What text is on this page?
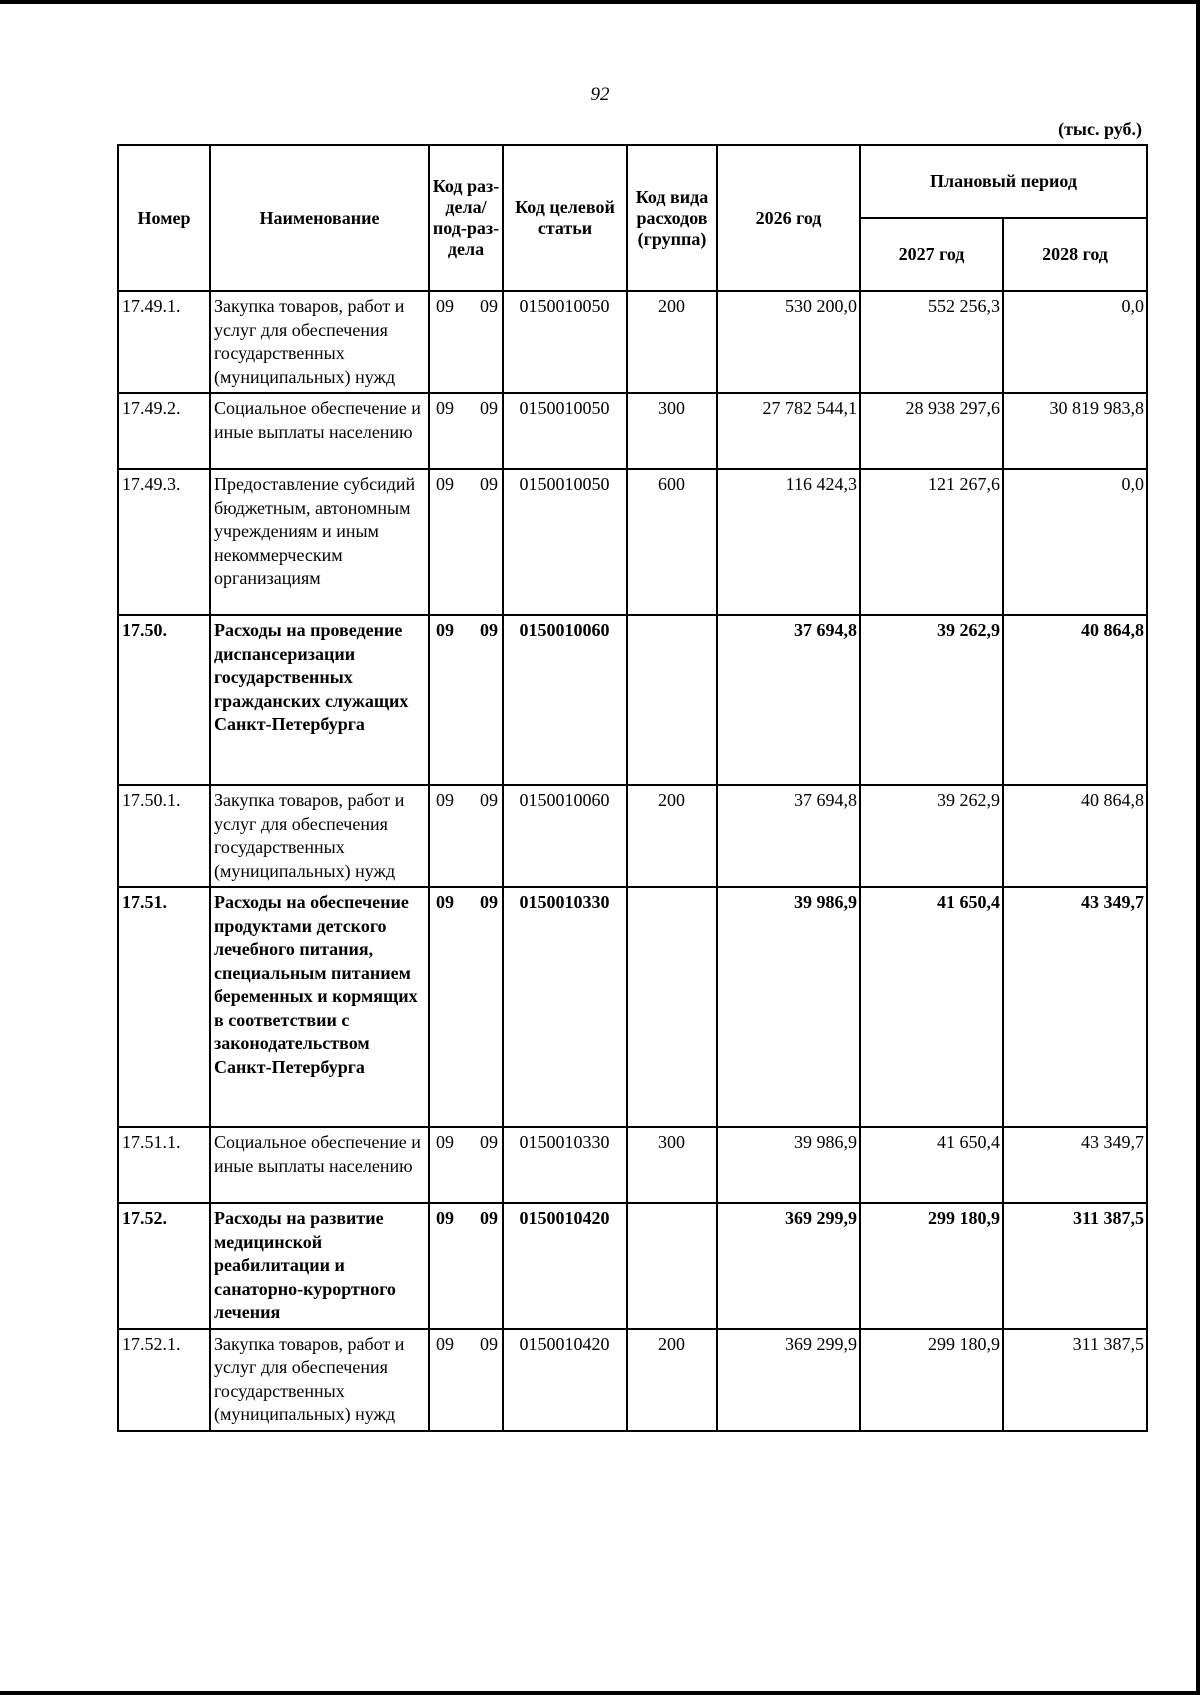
92
(тыс. руб.)
Номер	Наименование	Код раз-дела/ под-раз-дела	Код целевой статьи	Код вида расходов (группа)	2026 год	Плановый период	
						2027 год	2028 год
17.49.1.	Закупка товаров, работ и услуг для обеспечения государственных (муниципальных) нужд	09 09	0150010050	200	530 200,0	552 256,3	0,0
17.49.2.	Социальное обеспечение и иные выплаты населению	09 09	0150010050	300	27 782 544,1	28 938 297,6	30 819 983,8
17.49.3.	Предоставление субсидий бюджетным, автономным учреждениям и иным некоммерческим организациям	09 09	0150010050	600	116 424,3	121 267,6	0,0
17.50.	Расходы на проведение диспансеризации государственных гражданских служащих Санкт-Петербурга	09 09	0150010060		37 694,8	39 262,9	40 864,8
17.50.1.	Закупка товаров, работ и услуг для обеспечения государственных (муниципальных) нужд	09 09	0150010060	200	37 694,8	39 262,9	40 864,8
17.51.	Расходы на обеспечение продуктами детского лечебного питания, специальным питанием беременных и кормящих в соответствии с законодательством Санкт-Петербурга	09 09	0150010330		39 986,9	41 650,4	43 349,7
17.51.1.	Социальное обеспечение и иные выплаты населению	09 09	0150010330	300	39 986,9	41 650,4	43 349,7
17.52.	Расходы на развитие медицинской реабилитации и санаторно-курортного лечения	09 09	0150010420		369 299,9	299 180,9	311 387,5
17.52.1.	Закупка товаров, работ и услуг для обеспечения государственных (муниципальных) нужд	09 09	0150010420	200	369 299,9	299 180,9	311 387,5
